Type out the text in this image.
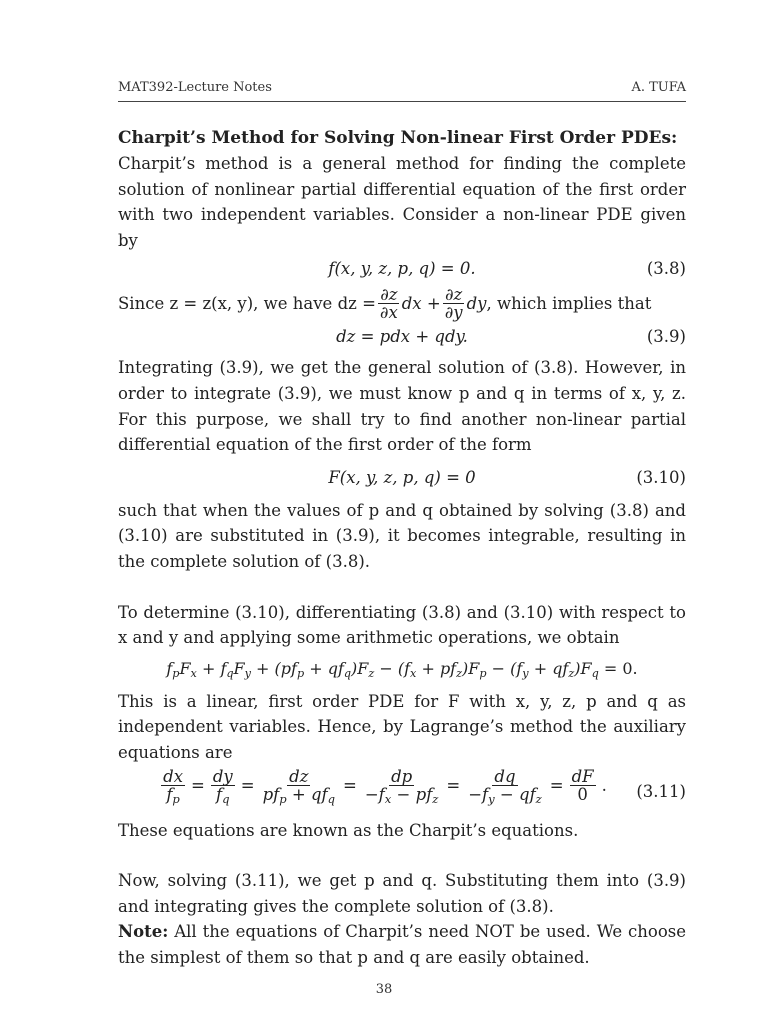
MAT392-Lecture Notes	A. TUFA

Charpit’s Method for Solving Non-linear First Order PDEs:

Charpit’s method is a general method for finding the complete solution of nonlinear partial differential equation of the first order with two independent variables. Consider a non-linear PDE given by

f(x, y, z, p, q) = 0.	(3.8)
Since z = z(x, y), we have dz = $\frac{\partial z}{\partial x}$ dx + $\frac{\partial z}{\partial y}$ dy , which implies that
dz = pdx + qdy.	(3.9)

Integrating (3.9), we get the general solution of (3.8). However, in order to integrate (3.9), we must know p and q in terms of x, y, z. For this purpose, we shall try to find another non-linear partial differential equation of the first order of the form

F(x, y, z, p, q) = 0	(3.10)

such that when the values of p and q obtained by solving (3.8) and (3.10) are substituted in (3.9), it becomes integrable, resulting in the complete solution of (3.8).

To determine (3.10), differentiating (3.8) and (3.10) with respect to x and y and applying some arithmetic operations, we obtain

$f_pF_x + f_qF_y + (pf_p + qf_q)F_z - (f_x + pf_z)F_p - (f_y + qf_z)F_q = 0$.

This is a linear, first order PDE for F with x, y, z, p and q as independent variables. Hence, by Lagrange’s method the auxiliary equations are

$\frac{dx}{f_p} = \frac{dy}{f_q} = \frac{dz}{pf_p + qf_q} = \frac{dp}{-f_x - pf_z} = \frac{dq}{-f_y - qf_z} = \frac{dF}{0}$ . (3.11)

These equations are known as the Charpit’s equations.

Now, solving (3.11), we get p and q. Substituting them into (3.9) and integrating gives the complete solution of (3.8).

Note: All the equations of Charpit’s need NOT be used. We choose the simplest of them so that p and q are easily obtained.

38
